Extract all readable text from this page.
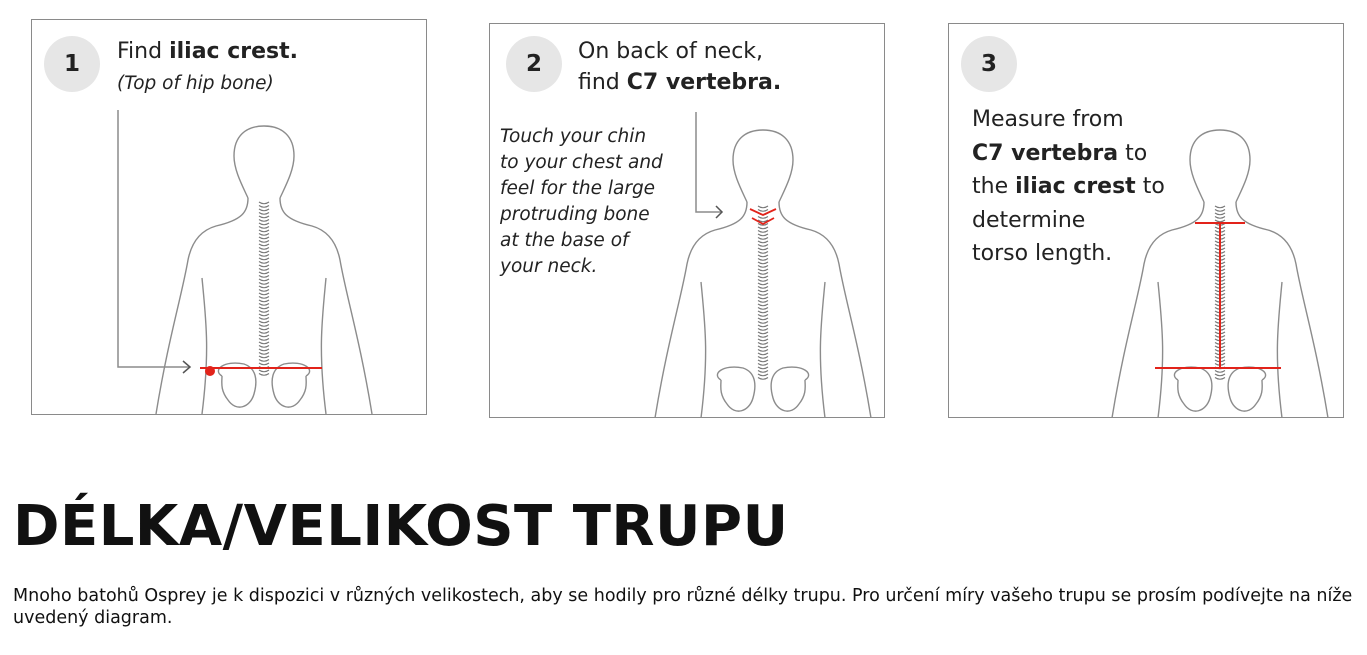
1 Find iliac crest.
(Top of hip bone)
2 On back of neck,
find C7 vertebra.
Touch your chin
to your chest and
feel for the large
protruding bone
at the base of
your neck.
3
Measure from
C7 vertebra to
the iliac crest to
determine
torso length.
DÉLKA/VELIKOST TRUPU

Mnoho batohů Osprey je k dispozici v různých velikostech, aby se hodily pro různé délky trupu. Pro určení míry vašeho trupu se prosím podívejte na níže uvedený diagram.
